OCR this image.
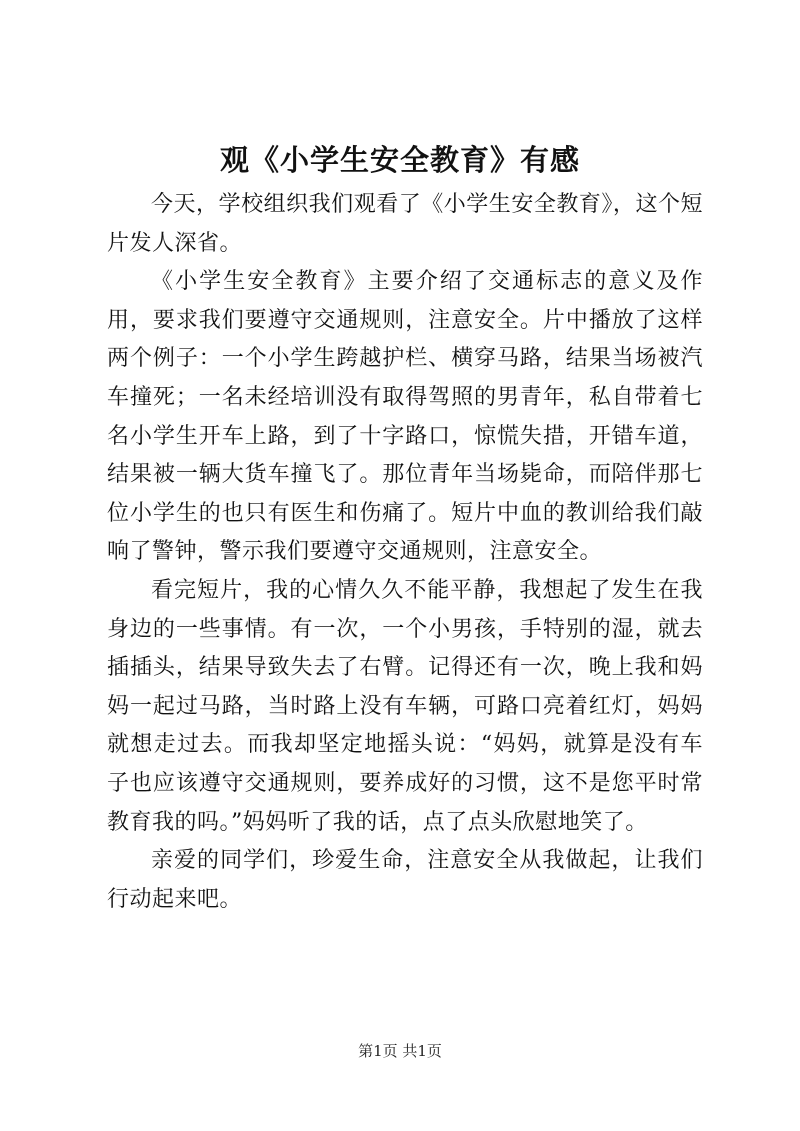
观《小学生安全教育》有感

今天，学校组织我们观看了《小学生安全教育》，这个短片发人深省。

《小学生安全教育》主要介绍了交通标志的意义及作用，要求我们要遵守交通规则，注意安全。片中播放了这样两个例子：一个小学生跨越护栏、横穿马路，结果当场被汽车撞死；一名未经培训没有取得驾照的男青年，私自带着七名小学生开车上路，到了十字路口，惊慌失措，开错车道，结果被一辆大货车撞飞了。那位青年当场毙命，而陪伴那七位小学生的也只有医生和伤痛了。短片中血的教训给我们敲响了警钟，警示我们要遵守交通规则，注意安全。

看完短片，我的心情久久不能平静，我想起了发生在我身边的一些事情。有一次，一个小男孩，手特别的湿，就去插插头，结果导致失去了右臂。记得还有一次，晚上我和妈妈一起过马路，当时路上没有车辆，可路口亮着红灯，妈妈就想走过去。而我却坚定地摇头说：“妈妈，就算是没有车子也应该遵守交通规则，要养成好的习惯，这不是您平时常教育我的吗。”妈妈听了我的话，点了点头欣慰地笑了。

亲爱的同学们，珍爱生命，注意安全从我做起，让我们行动起来吧。

第1页 共1页
